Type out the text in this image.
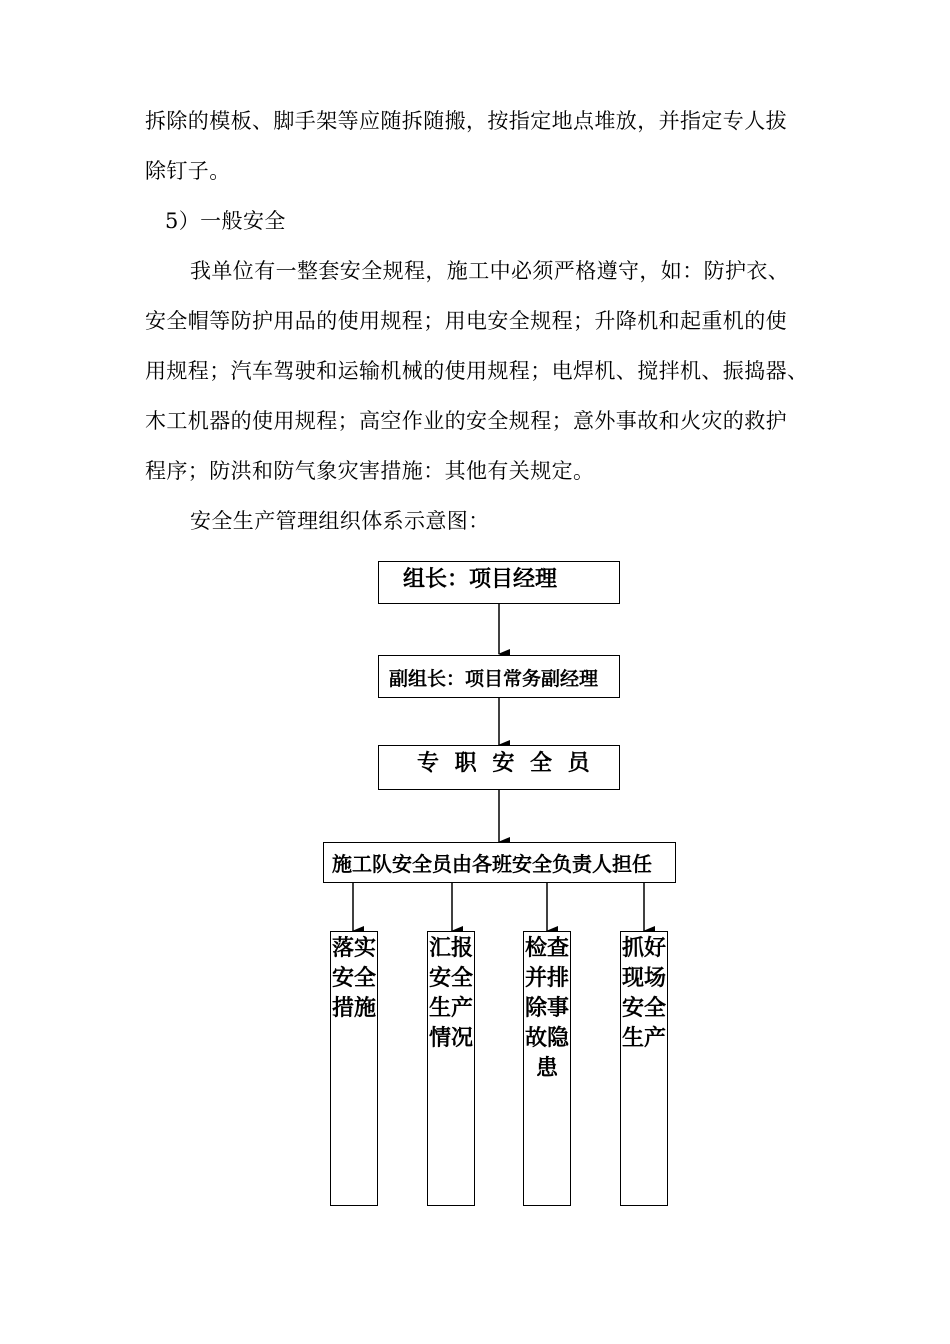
拆除的模板、脚手架等应随拆随搬，按指定地点堆放，并指定专人拔

除钉子。

5）一般安全

我单位有一整套安全规程，施工中必须严格遵守，如：防护衣、

安全帽等防护用品的使用规程；用电安全规程；升降机和起重机的使

用规程；汽车驾驶和运输机械的使用规程；电焊机、搅拌机、振捣器、

木工机器的使用规程；高空作业的安全规程；意外事故和火灾的救护

程序；防洪和防气象灾害措施：其他有关规定。

安全生产管理组织体系示意图：

组长：项目经理
副组长：项目常务副经理
专 职 安 全 员
施工队安全员由各班安全负责人担任
落实安全措施
汇报安全生产情况
检查并排除事故隐患
抓好现场安全生产
